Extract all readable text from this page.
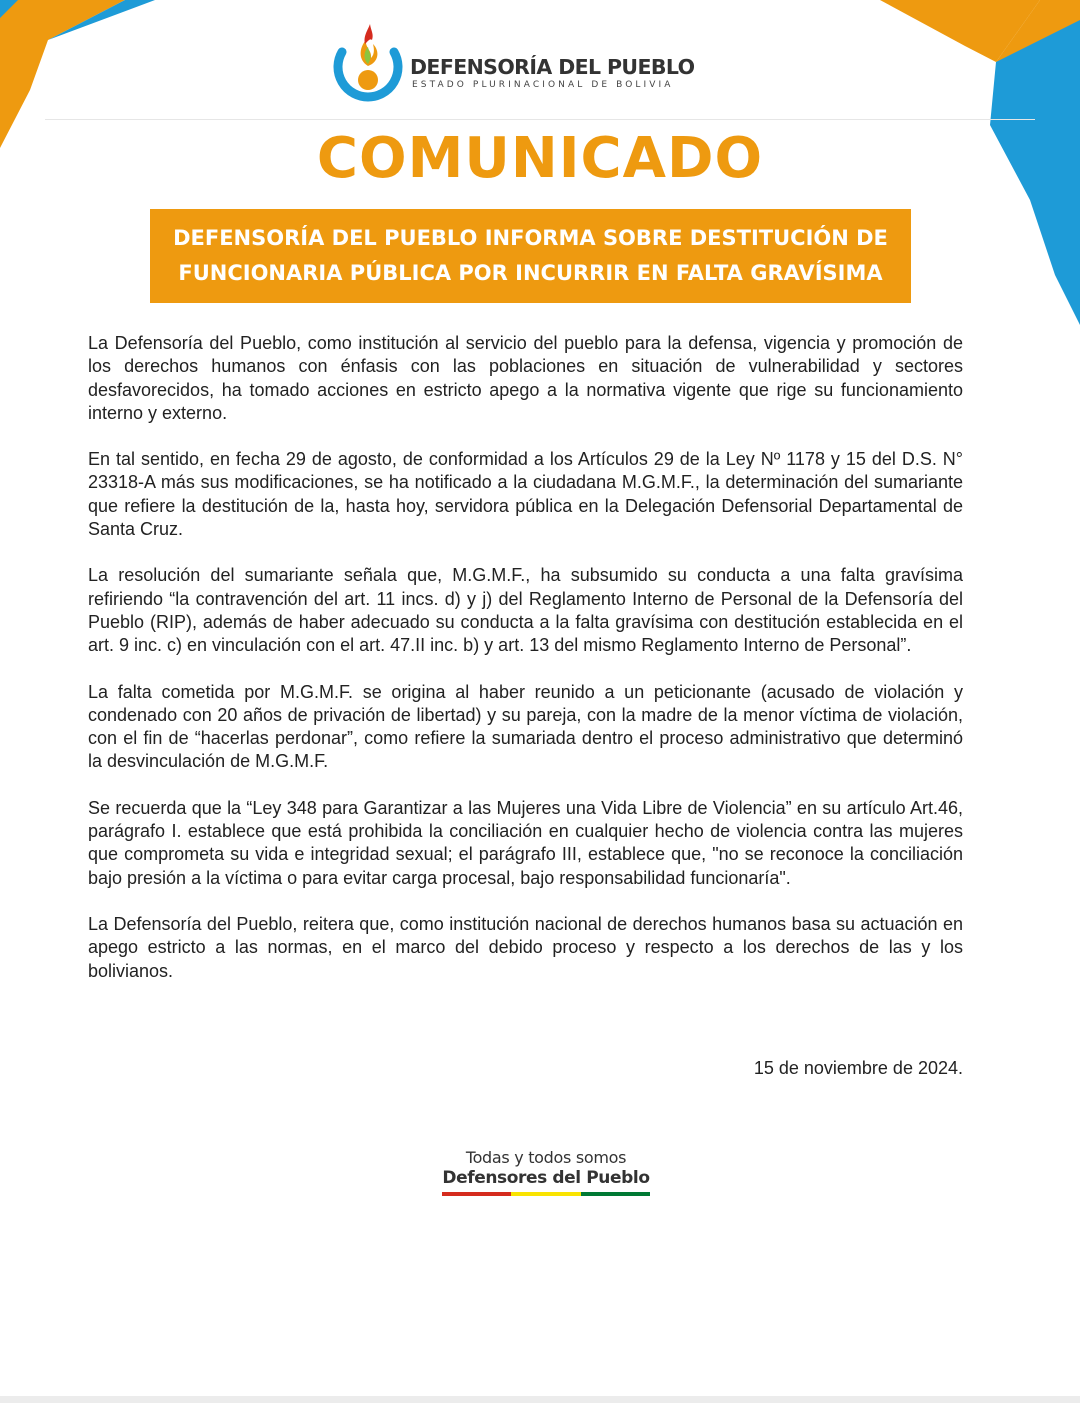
DEFENSORÍA DEL PUEBLO
ESTADO PLURINACIONAL DE BOLIVIA
COMUNICADO
DEFENSORÍA DEL PUEBLO INFORMA SOBRE DESTITUCIÓN DE
FUNCIONARIA PÚBLICA POR INCURRIR EN FALTA GRAVÍSIMA

La Defensoría del Pueblo, como institución al servicio del pueblo para la defensa, vigencia y promoción de los derechos humanos con énfasis con las poblaciones en situación de vulnerabilidad y sectores desfavorecidos, ha tomado acciones en estricto apego a la normativa vigente que rige su funcionamiento interno y externo.

En tal sentido, en fecha 29 de agosto, de conformidad a los Artículos 29 de la Ley Nº 1178 y 15 del D.S. N° 23318-A más sus modificaciones, se ha notificado a la ciudadana M.G.M.F., la determinación del sumariante que refiere la destitución de la, hasta hoy, servidora pública en la Delegación Defensorial Departamental de Santa Cruz.

La resolución del sumariante señala que, M.G.M.F., ha subsumido su conducta a una falta gravísima refiriendo “la contravención del art. 11 incs. d) y j) del Reglamento Interno de Personal de la Defensoría del Pueblo (RIP), además de haber adecuado su conducta a la falta gravísima con destitución establecida en el art. 9 inc. c) en vinculación con el art. 47.II inc. b) y art. 13 del mismo Reglamento Interno de Personal”.

La falta cometida por M.G.M.F. se origina al haber reunido a un peticionante (acusado de violación y condenado con 20 años de privación de libertad) y su pareja, con la madre de la menor víctima de violación, con el fin de “hacerlas perdonar”, como refiere la sumariada dentro el proceso administrativo que determinó la desvinculación de M.G.M.F.

Se recuerda que la “Ley 348 para Garantizar a las Mujeres una Vida Libre de Violencia” en su artículo Art.46, parágrafo I. establece que está prohibida la conciliación en cualquier hecho de violencia contra las mujeres que comprometa su vida e integridad sexual; el parágrafo III, establece que, "no se reconoce la conciliación bajo presión a la víctima o para evitar carga procesal, bajo responsabilidad funcionaría".

La Defensoría del Pueblo, reitera que, como institución nacional de derechos humanos basa su actuación en apego estricto a las normas, en el marco del debido proceso y respecto a los derechos de las y los bolivianos.

15 de noviembre de 2024.
Todas y todos somos
Defensores del Pueblo
